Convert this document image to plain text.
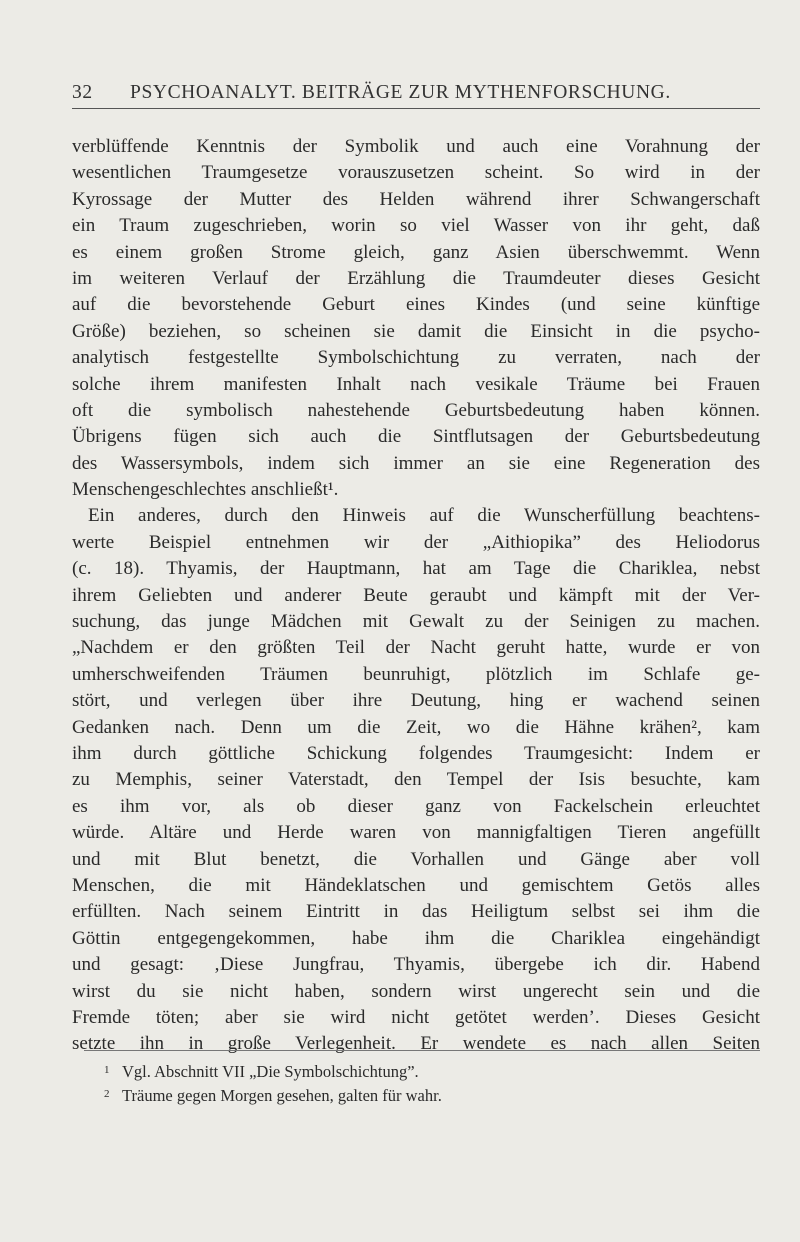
32	PSYCHOANALYT. BEITRÄGE ZUR MYTHENFORSCHUNG.
verblüffende Kenntnis der Symbolik und auch eine Vorahnung der
wesentlichen Traumgesetze vorauszusetzen scheint. So wird in der
Kyrossage der Mutter des Helden während ihrer Schwangerschaft
ein Traum zugeschrieben, worin so viel Wasser von ihr geht, daß
es einem großen Strome gleich, ganz Asien überschwemmt. Wenn
im weiteren Verlauf der Erzählung die Traumdeuter dieses Gesicht
auf die bevorstehende Geburt eines Kindes (und seine künftige
Größe) beziehen, so scheinen sie damit die Einsicht in die psycho-
analytisch festgestellte Symbolschichtung zu verraten, nach der
solche ihrem manifesten Inhalt nach vesikale Träume bei Frauen
oft die symbolisch nahestehende Geburtsbedeutung haben können.
Übrigens fügen sich auch die Sintflutsagen der Geburtsbedeutung
des Wassersymbols, indem sich immer an sie eine Regeneration des
Menschengeschlechtes anschließt¹.
Ein anderes, durch den Hinweis auf die Wunscherfüllung beachtens-
werte Beispiel entnehmen wir der „Aithiopika” des Heliodorus
(c. 18). Thyamis, der Hauptmann, hat am Tage die Chariklea, nebst
ihrem Geliebten und anderer Beute geraubt und kämpft mit der Ver-
suchung, das junge Mädchen mit Gewalt zu der Seinigen zu machen.
„Nachdem er den größten Teil der Nacht geruht hatte, wurde er von
umherschweifenden Träumen beunruhigt, plötzlich im Schlafe ge-
stört, und verlegen über ihre Deutung, hing er wachend seinen
Gedanken nach. Denn um die Zeit, wo die Hähne krähen², kam
ihm durch göttliche Schickung folgendes Traumgesicht: Indem er
zu Memphis, seiner Vaterstadt, den Tempel der Isis besuchte, kam
es ihm vor, als ob dieser ganz von Fackelschein erleuchtet
würde. Altäre und Herde waren von mannigfaltigen Tieren angefüllt
und mit Blut benetzt, die Vorhallen und Gänge aber voll
Menschen, die mit Händeklatschen und gemischtem Getös alles
erfüllten. Nach seinem Eintritt in das Heiligtum selbst sei ihm die
Göttin entgegengekommen, habe ihm die Chariklea eingehändigt
und gesagt: ‚Diese Jungfrau, Thyamis, übergebe ich dir. Habend
wirst du sie nicht haben, sondern wirst ungerecht sein und die
Fremde töten; aber sie wird nicht getötet werden’. Dieses Gesicht
setzte ihn in große Verlegenheit. Er wendete es nach allen Seiten
1 Vgl. Abschnitt VII „Die Symbolschichtung”.
2 Träume gegen Morgen gesehen, galten für wahr.
